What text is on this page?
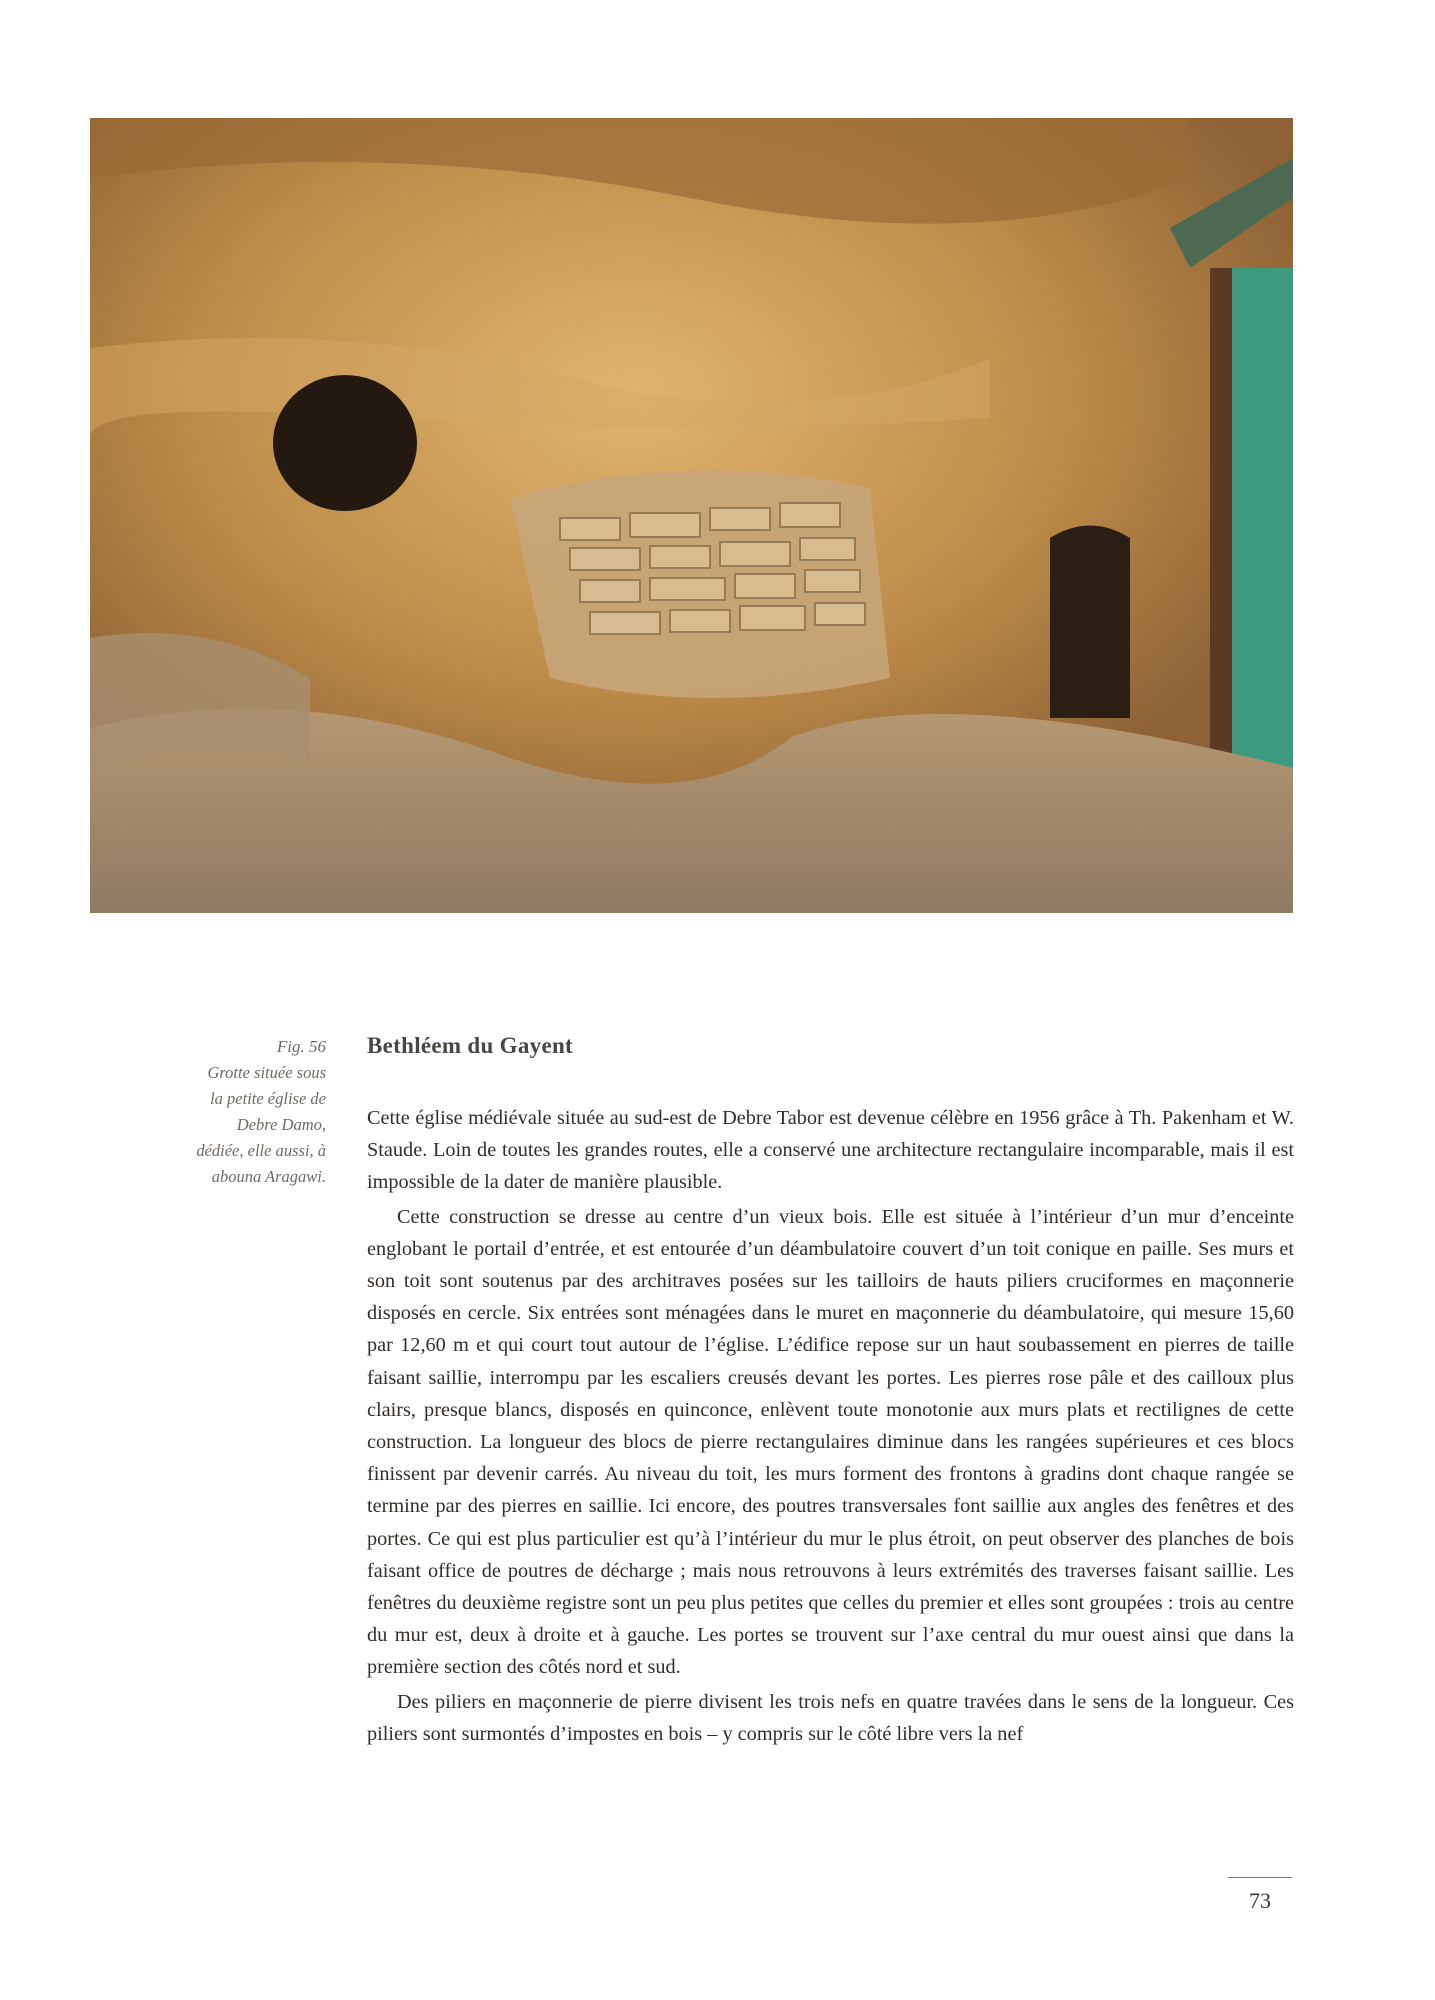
Fig. 56
Grotte située sous
la petite église de
Debre Damo,
dédiée, elle aussi, à
abouna Aragawi.
Bethléem du Gayent

Cette église médiévale située au sud-est de Debre Tabor est devenue célèbre en 1956 grâce à Th. Pakenham et W. Staude. Loin de toutes les grandes routes, elle a conservé une architecture rectangulaire incomparable, mais il est impossible de la dater de manière plausible.

Cette construction se dresse au centre d’un vieux bois. Elle est située à l’intérieur d’un mur d’enceinte englobant le portail d’entrée, et est entourée d’un déambulatoire couvert d’un toit conique en paille. Ses murs et son toit sont soutenus par des architraves posées sur les tailloirs de hauts piliers cruciformes en maçonnerie disposés en cercle. Six entrées sont ménagées dans le muret en maçonnerie du déambulatoire, qui mesure 15,60 par 12,60 m et qui court tout autour de l’église. L’édifice repose sur un haut soubassement en pierres de taille faisant saillie, interrompu par les escaliers creusés devant les portes. Les pierres rose pâle et des cailloux plus clairs, presque blancs, disposés en quinconce, enlèvent toute monotonie aux murs plats et rectilignes de cette construction. La longueur des blocs de pierre rectangulaires diminue dans les rangées supérieures et ces blocs finissent par devenir carrés. Au niveau du toit, les murs forment des frontons à gradins dont chaque rangée se termine par des pierres en saillie. Ici encore, des poutres transversales font saillie aux angles des fenêtres et des portes. Ce qui est plus particulier est qu’à l’intérieur du mur le plus étroit, on peut observer des planches de bois faisant office de poutres de décharge ; mais nous retrouvons à leurs extrémités des traverses faisant saillie. Les fenêtres du deuxième registre sont un peu plus petites que celles du premier et elles sont groupées : trois au centre du mur est, deux à droite et à gauche. Les portes se trouvent sur l’axe central du mur ouest ainsi que dans la première section des côtés nord et sud.

Des piliers en maçonnerie de pierre divisent les trois nefs en quatre travées dans le sens de la longueur. Ces piliers sont surmontés d’impostes en bois – y compris sur le côté libre vers la nef

73
